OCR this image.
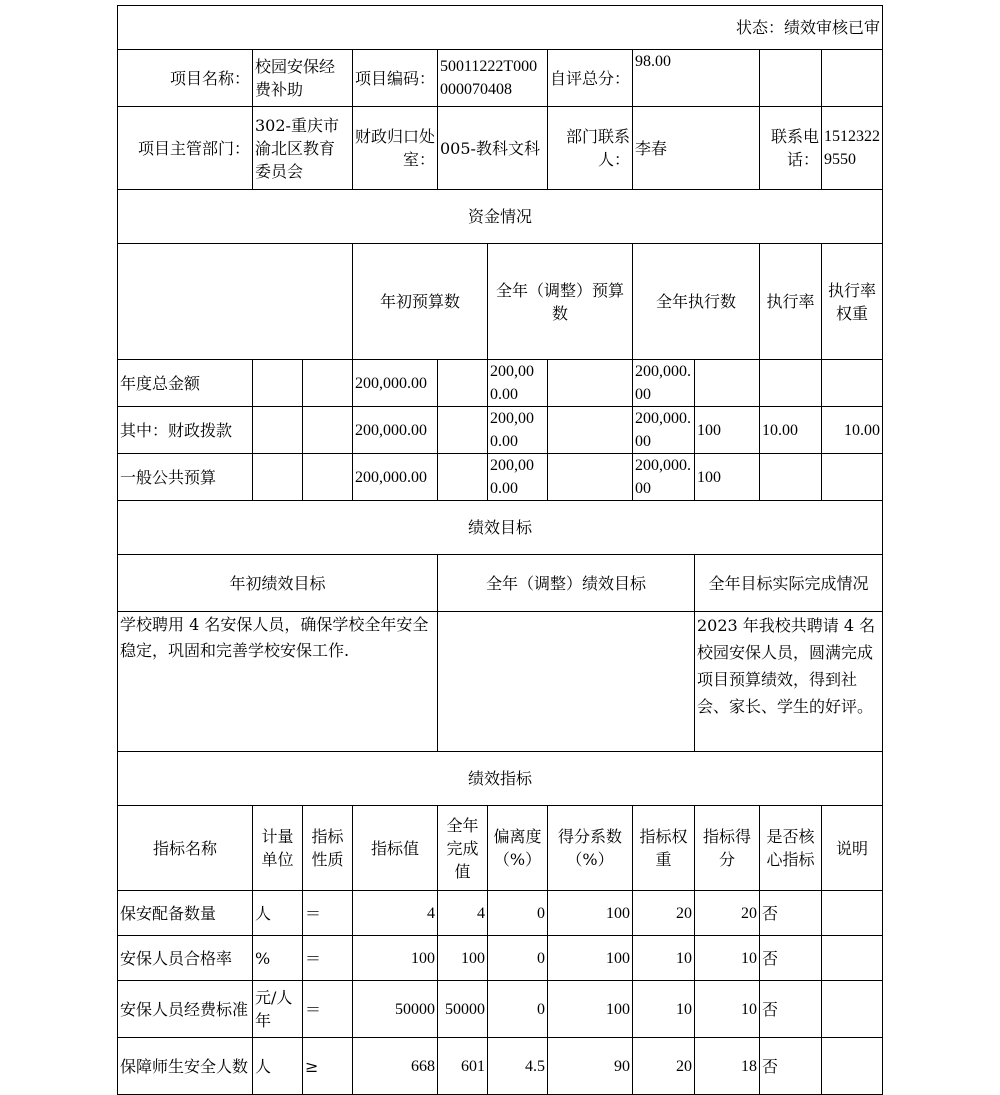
状态：绩效审核已审											
项目名称：	校园安保经费补助		项目编码：	50011222T000000070408		自评总分：	98.00				
项目主管部门：	302-重庆市渝北区教育委员会		财政归口处室：	005-教科文科		部门联系人：	李春		联系电话：	15123229550	
资金情况											
			年初预算数		全年（调整）预算数		全年执行数		执行率	执行率权重	
年度总金额			200,000.00		200,000.00		200,000.00				
其中：财政拨款			200,000.00		200,000.00		200,000.00	100	10.00	10.00	
一般公共预算			200,000.00		200,000.00		200,000.00	100			
绩效目标											
年初绩效目标				全年（调整）绩效目标				全年目标实际完成情况			
学校聘用 4 名安保人员，确保学校全年安全稳定，巩固和完善学校安保工作.								2023 年我校共聘请 4 名校园安保人员，圆满完成项目预算绩效，得到社会、家长、学生的好评。			
绩效指标											
指标名称	计量单位	指标性质	指标值	全年完成值	偏离度（%）	得分系数（%）	指标权重	指标得分	是否核心指标	说明	
保安配备数量	人	＝	4	4	0	100	20	20	否		
安保人员合格率	%	＝	100	100	0	100	10	10	否		
安保人员经费标准	元/人年	＝	50000	50000	0	100	10	10	否		
保障师生安全人数	人	≥	668	601	4.5	90	20	18	否		
